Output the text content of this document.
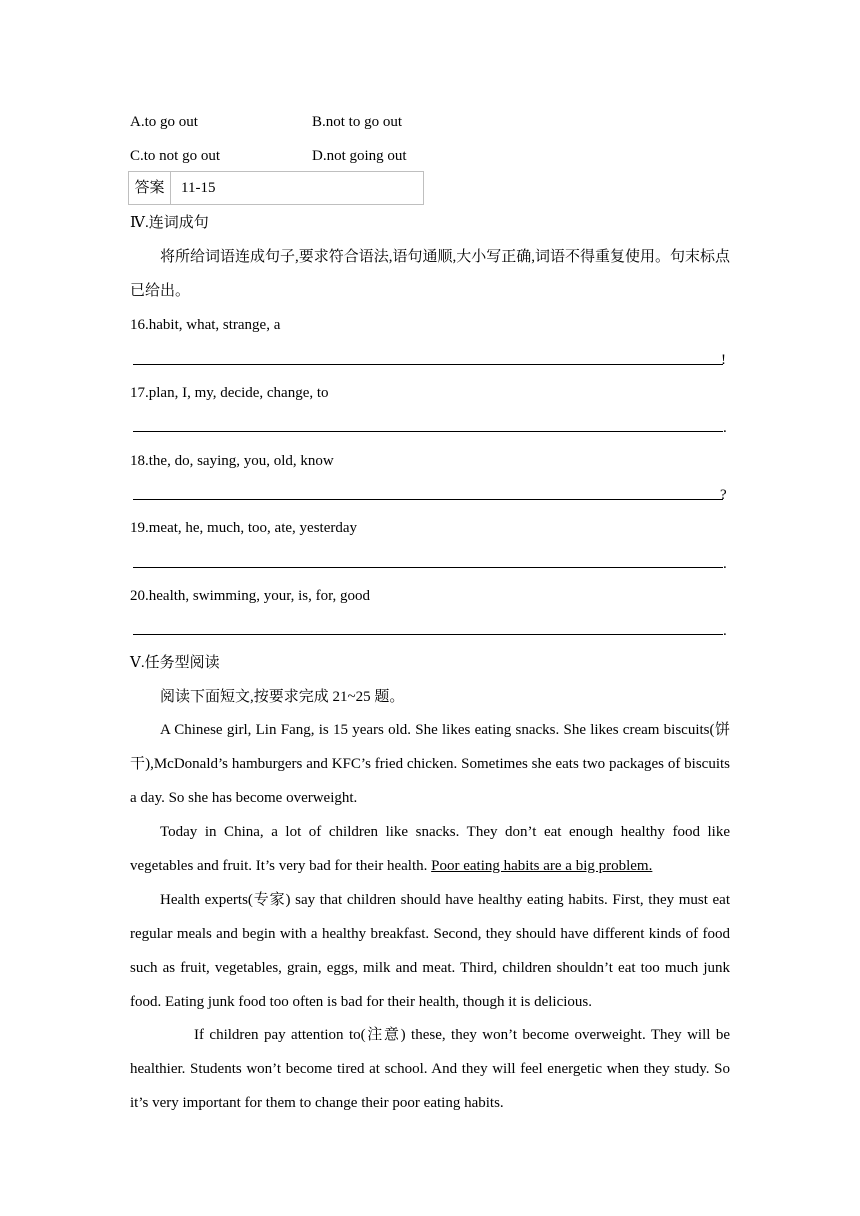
A.to go out	B.not to go out
C.to not go out	D.not going out
答案	11-15
Ⅳ.连词成句
将所给词语连成句子,要求符合语法,语句通顺,大小写正确,词语不得重复使用。句末标点
已给出。
16.habit, what, strange, a
!
17.plan, I, my, decide, change, to
.
18.the, do, saying, you, old, know
?
19.meat, he, much, too, ate, yesterday
.
20.health, swimming, your, is, for, good
.
Ⅴ.任务型阅读
阅读下面短文,按要求完成 21~25 题。
A Chinese girl, Lin Fang, is 15 years old. She likes eating snacks. She likes cream biscuits(饼干),McDonald’s hamburgers and KFC’s fried chicken. Sometimes she eats two packages of biscuits a day. So she has become overweight.
Today in China, a lot of children like snacks. They don’t eat enough healthy food like vegetables and fruit. It’s very bad for their health. Poor eating habits are a big problem.
Health experts(专家) say that children should have healthy eating habits. First, they must eat regular meals and begin with a healthy breakfast. Second, they should have different kinds of food such as fruit, vegetables, grain, eggs, milk and meat. Third, children shouldn’t eat too much junk food. Eating junk food too often is bad for their health, though it is delicious.
If children pay attention to(注意) these, they won’t become overweight. They will be healthier. Students won’t become tired at school. And they will feel energetic when they study. So it’s very important for them to change their poor eating habits.
